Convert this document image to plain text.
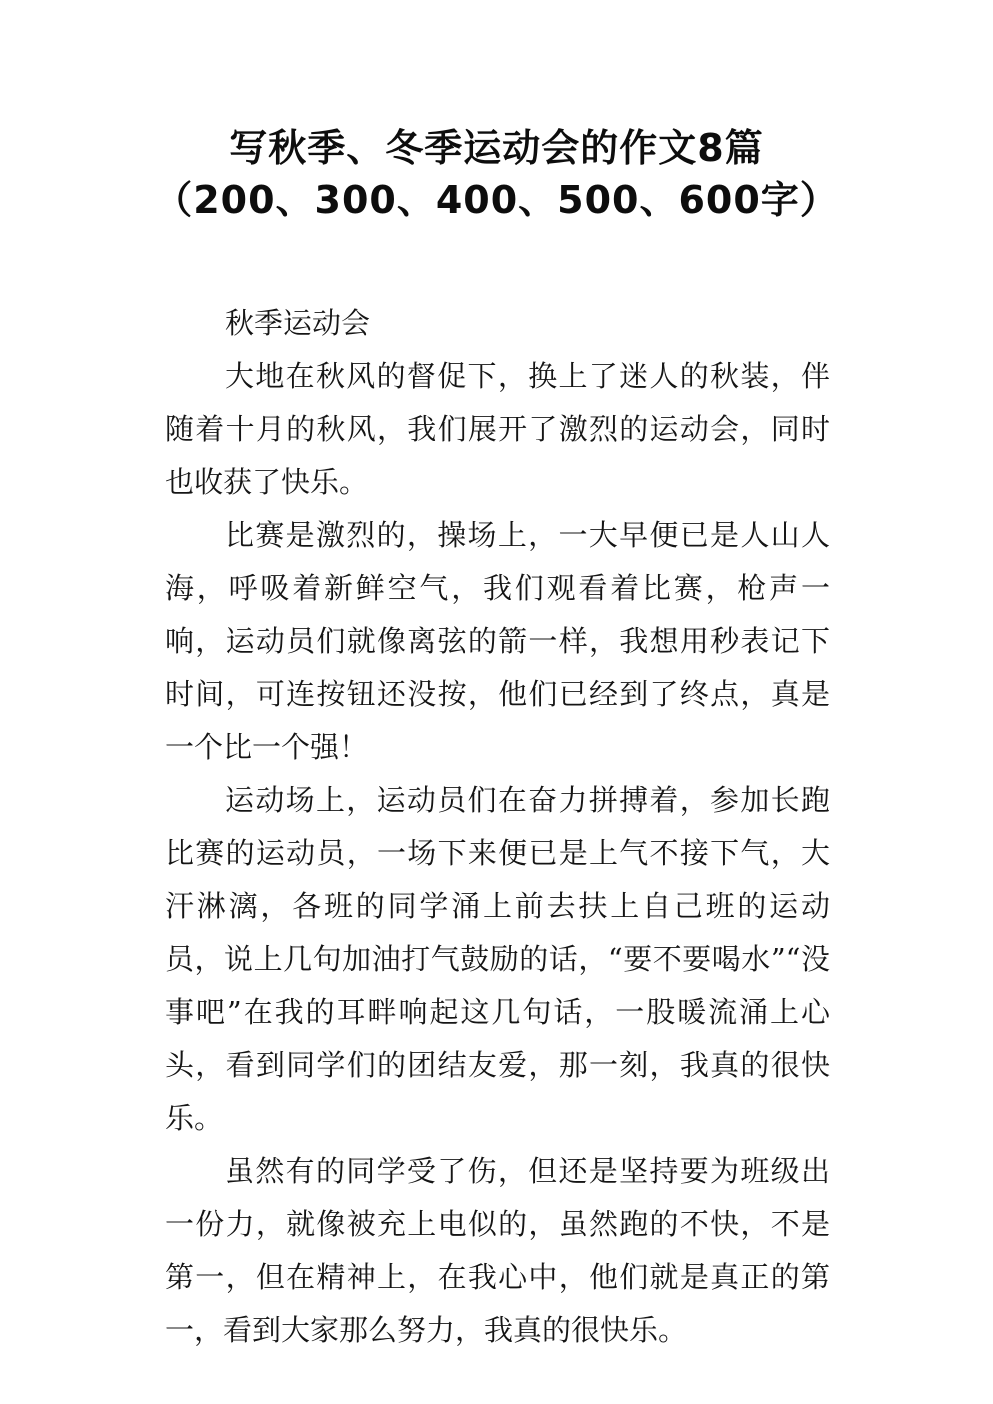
写秋季、冬季运动会的作文8篇
（200、300、400、500、600字）

秋季运动会

大地在秋风的督促下，换上了迷人的秋装，伴随着十月的秋风，我们展开了激烈的运动会，同时也收获了快乐。

比赛是激烈的，操场上，一大早便已是人山人海，呼吸着新鲜空气，我们观看着比赛，枪声一响，运动员们就像离弦的箭一样，我想用秒表记下时间，可连按钮还没按，他们已经到了终点，真是一个比一个强！

运动场上，运动员们在奋力拼搏着，参加长跑比赛的运动员，一场下来便已是上气不接下气，大汗淋漓，各班的同学涌上前去扶上自己班的运动员，说上几句加油打气鼓励的话，“要不要喝水”“没事吧”在我的耳畔响起这几句话，一股暖流涌上心头，看到同学们的团结友爱，那一刻，我真的很快乐。

虽然有的同学受了伤，但还是坚持要为班级出一份力，就像被充上电似的，虽然跑的不快，不是第一，但在精神上，在我心中，他们就是真正的第一，看到大家那么努力，我真的很快乐。
